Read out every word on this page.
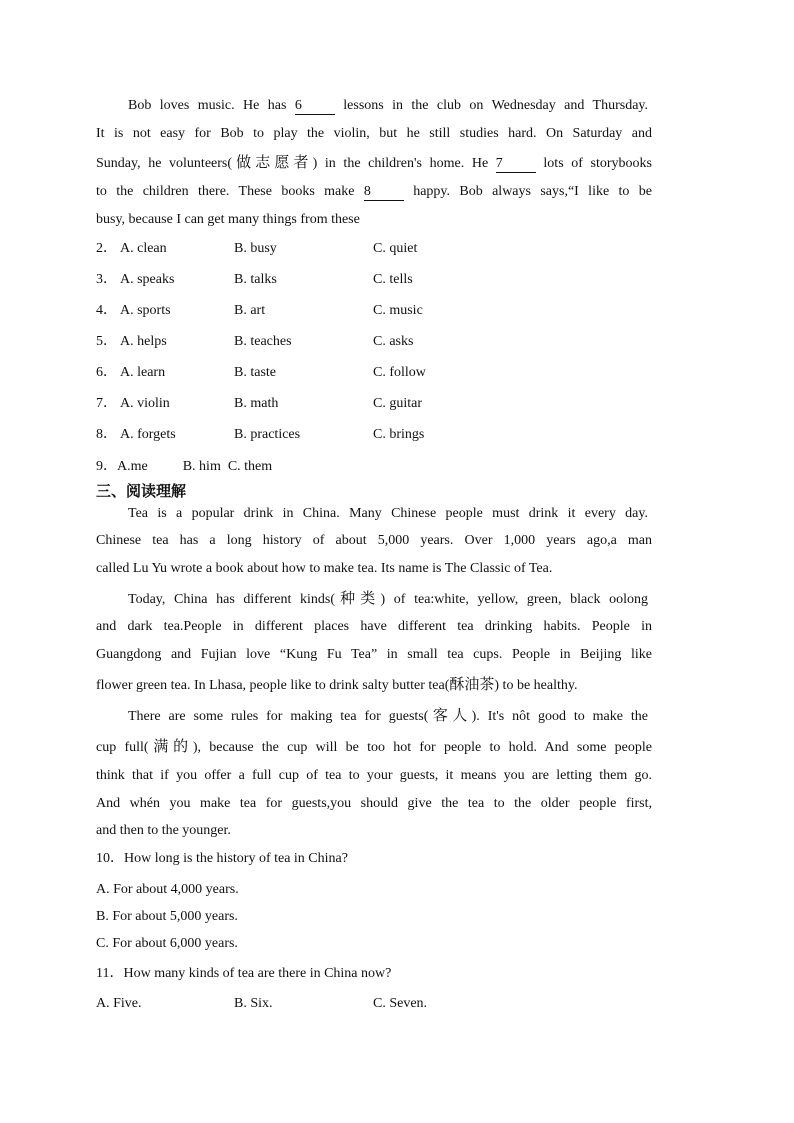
Bob loves music. He has 6	lessons in the club on Wednesday and Thursday.
It is not easy for Bob to play the violin, but he still studies hard. On Saturday and
Sunday, he volunteers(做志愿者) in the children's home. He 7	lots of storybooks
to the children there. These books make 8	happy. Bob always says,“I like to be
busy, because I can get many things from these
2． A. clean	B. busy	C. quiet
3． A. speaks	B. talks	C. tells
4． A. sports	B. art	C. music
5． A. helps	B. teaches	C. asks
6． A. learn	B. taste	C. follow
7． A. violin	B. math	C. guitar
8． A. forgets	B. practices	C. brings
9．A.me          B. him  C. them
三、阅读理解
Tea is a popular drink in China. Many Chinese people must drink it every day.
Chinese tea has a long history of about 5,000 years. Over 1,000 years ago,a man
called Lu Yu wrote a book about how to make tea. Its name is The Classic of Tea.
Today, China has different kinds(种类) of tea:white, yellow, green, black oolong
and dark tea.People in different places have different tea drinking habits. People in
Guangdong and Fujian love “Kung Fu Tea” in small tea cups. People in Beijing like
flower green tea. In Lhasa, people like to drink salty butter tea(酥油茶) to be healthy.
There are some rules for making tea for guests(客人). It's nôt good to make the
cup full(满的), because the cup will be too hot for people to hold. And some people
think that if you offer a full cup of tea to your guests, it means you are letting them go.
And whén you make tea for guests,you should give the tea to the older people first,
and then to the younger.
10．How long is the history of tea in China?
A. For about 4,000 years.
B. For about 5,000 years.
C. For about 6,000 years.
11．How many kinds of tea are there in China now?
A. Five.	B. Six.	C. Seven.
